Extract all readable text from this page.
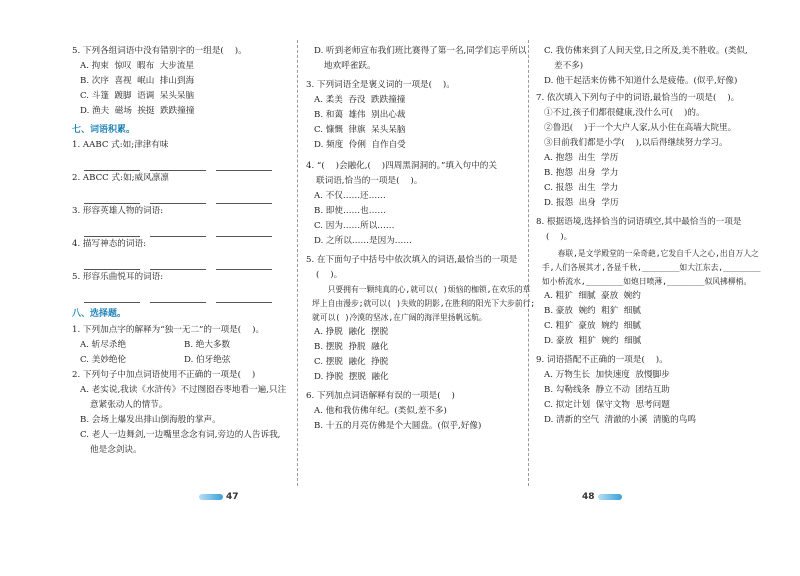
5. 下列各组词语中没有错别字的一组是(    )。

A. 拘束 惊叹 暇布 大步流星
B. 次序 喜视 岷山 排山到海
C. 斗篷 踱脚 语调 呆头呆脑
D. 渔夫 磁场 挨挺 跌跌撞撞
七、词语积累。

1. AABC 式:如;津津有味

2. ABCC 式:如;威风凛凛

3. 形容英雄人物的词语:

4. 描写神态的词语:

5. 形容乐曲悦耳的词语:

八、选择题。

1. 下列加点字的解释为“独一无二”的一项是(    )。

A. 斩尽杀绝	B. 绝大多数
C. 美妙绝伦	D. 伯牙绝弦

2. 下列句子中加点词语使用不正确的一项是(    )

A. 老实说,我读《水浒传》不过囫囵吞枣地看一遍,只注

意紧张动人的情节。

B. 会场上爆发出排山倒海般的掌声。

C. 老人一边舞剑,一边嘴里念念有词,旁边的人告诉我,

他是念剑诀。

D. 听到老师宣布我们班比赛得了第一名,同学们忘乎所以

地欢呼雀跃。

3. 下列词语全是褒义词的一项是(    )。

A. 柔美 吞没 跌跌撞撞
B. 和蔼 雄伟 别出心裁
C. 慷慨 律旗 呆头呆脑
D. 频度 伶俐 自作自受

4. “(    )会融化,(    )四周黑洞洞的。”填入句中的关

联词语,恰当的一项是(    )。

A. 不仅……还……

B. 即使……也……

C. 因为……所以……

D. 之所以……是因为……

5. 在下面句子中括号中依次填入的词语,最恰当的一项是

(    )。

只要拥有一颗纯真的心,就可以( )烦恼的枷锁,在欢乐的草坪上自由漫步;就可以( )失败的阴影,在胜利的阳光下大步前行;就可以( )冷漠的坚冰,在广阔的海洋里扬帆远航。
A. 挣脱 融化 摆脱
B. 摆脱 挣脱 融化
C. 摆脱 融化 挣脱
D. 挣脱 摆脱 融化

6. 下列加点词语解释有误的一项是(    )

A. 他和我仿佛年纪。(类似,差不多)

B. 十五的月亮仿佛是个大圆盘。(似乎,好像)

C. 我仿佛来到了人间天堂,日之所及,美不胜收。(类似,

差不多)

D. 他干起活来仿佛不知道什么是疲倦。(似乎,好像)

7. 依次填入下列句子中的词语,最恰当的一项是(    )。

①不过,孩子们都很健康,没什么可(    )的。

②鲁迅(    )于一个大户人家,从小住在高墙大院里。

③目前我们都是小学(    ),以后得继续努力学习。

A. 抱怨 出生 学历
B. 抱怨 出身 学力
C. 报怨 出生 学力
D. 报怨 出身 学历

8. 根据语境,选择恰当的词语填空,其中最恰当的一项是

(    )。

春联,是文学殿堂的一朵奇葩,它发自千人之心,出自万人之手,人们各展其才,各显千秋,________如大江东去,________如小桥流水,________如炮日喷薄,________似风拂柳梢。
A. 粗犷 细腻 豪放 婉约
B. 豪放 婉约 粗犷 细腻
C. 粗犷 豪放 婉约 细腻
D. 豪放 粗犷 婉约 细腻

9. 词语搭配不正确的一项是(    )。

A. 万物生长 加快速度 放慢脚步
B. 勾勒线条 静立不动 团结互助
C. 拟定计划 保守文物 思考问题
D. 清新的空气 清澈的小溪 清脆的鸟鸣
47	48
